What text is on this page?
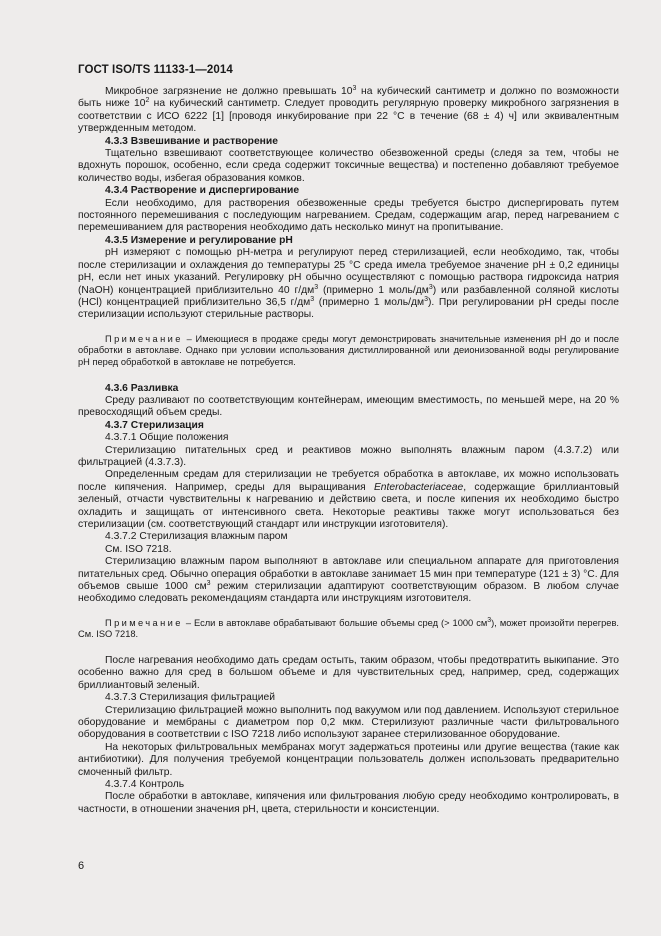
ГОСТ ISO/TS 11133-1—2014

Микробное загрязнение не должно превышать $10^3$ на кубический сантиметр и должно по возможности быть ниже $10^2$ на кубический сантиметр. Следует проводить регулярную проверку микробного загрязнения в соответствии с ИСО 6222 [1] [проводя инкубирование при 22 °С в течение (68 ± 4) ч] или эквивалентным утвержденным методом.

4.3.3 Взвешивание и растворение

Тщательно взвешивают соответствующее количество обезвоженной среды (следя за тем, чтобы не вдохнуть порошок, особенно, если среда содержит токсичные вещества) и постепенно добавляют требуемое количество воды, избегая образования комков.

4.3.4 Растворение и диспергирование

Если необходимо, для растворения обезвоженные среды требуется быстро диспергировать путем постоянного перемешивания с последующим нагреванием. Средам, содержащим агар, перед нагреванием с перемешиванием для растворения необходимо дать несколько минут на пропитывание.

4.3.5 Измерение и регулирование рН

рН измеряют с помощью рН-метра и регулируют перед стерилизацией, если необходимо, так, чтобы после стерилизации и охлаждения до температуры 25 °С среда имела требуемое значение рН ± 0,2 единицы рН, если нет иных указаний. Регулировку рН обычно осуществляют с помощью раствора гидроксида натрия (NaOH) концентрацией приблизительно 40 $г/дм^3$ (примерно 1 моль/$дм^3$) или разбавленной соляной кислоты (HCl) концентрацией приблизительно 36,5 $г/дм^3$ (примерно 1 моль/$дм^3$). При регулировании рН среды после стерилизации используют стерильные растворы.

Примечание – Имеющиеся в продаже среды могут демонстрировать значительные изменения рН до и после обработки в автоклаве. Однако при условии использования дистиллированной или деионизованной воды регулирование рН перед обработкой в автоклаве не потребуется.

4.3.6 Разливка

Среду разливают по соответствующим контейнерам, имеющим вместимость, по меньшей мере, на 20 % превосходящий объем среды.

4.3.7 Стерилизация

4.3.7.1 Общие положения

Стерилизацию питательных сред и реактивов можно выполнять влажным паром (4.3.7.2) или фильтрацией (4.3.7.3).

Определенным средам для стерилизации не требуется обработка в автоклаве, их можно использовать после кипячения. Например, среды для выращивания Enterobacteriaceae, содержащие бриллиантовый зеленый, отчасти чувствительны к нагреванию и действию света, и после кипения их необходимо быстро охладить и защищать от интенсивного света. Некоторые реактивы также могут использоваться без стерилизации (см. соответствующий стандарт или инструкции изготовителя).

4.3.7.2 Стерилизация влажным паром

См. ISO 7218.

Стерилизацию влажным паром выполняют в автоклаве или специальном аппарате для приготовления питательных сред. Обычно операция обработки в автоклаве занимает 15 мин при температуре (121 ± 3) °С. Для объемов свыше 1000 $см^3$ режим стерилизации адаптируют соответствующим образом. В любом случае необходимо следовать рекомендациям стандарта или инструкциям изготовителя.

Примечание – Если в автоклаве обрабатывают большие объемы сред (> 1000 $см^3$), может произойти перегрев. См. ISO 7218.

После нагревания необходимо дать средам остыть, таким образом, чтобы предотвратить выкипание. Это особенно важно для сред в большом объеме и для чувствительных сред, например, сред, содержащих бриллиантовый зеленый.

4.3.7.3 Стерилизация фильтрацией

Стерилизацию фильтрацией можно выполнить под вакуумом или под давлением. Используют стерильное оборудование и мембраны с диаметром пор 0,2 мкм. Стерилизуют различные части фильтровального оборудования в соответствии с ISO 7218 либо используют заранее стерилизованное оборудование.

На некоторых фильтровальных мембранах могут задержаться протеины или другие вещества (такие как антибиотики). Для получения требуемой концентрации пользователь должен использовать предварительно смоченный фильтр.

4.3.7.4 Контроль

После обработки в автоклаве, кипячения или фильтрования любую среду необходимо контролировать, в частности, в отношении значения рН, цвета, стерильности и консистенции.

6
